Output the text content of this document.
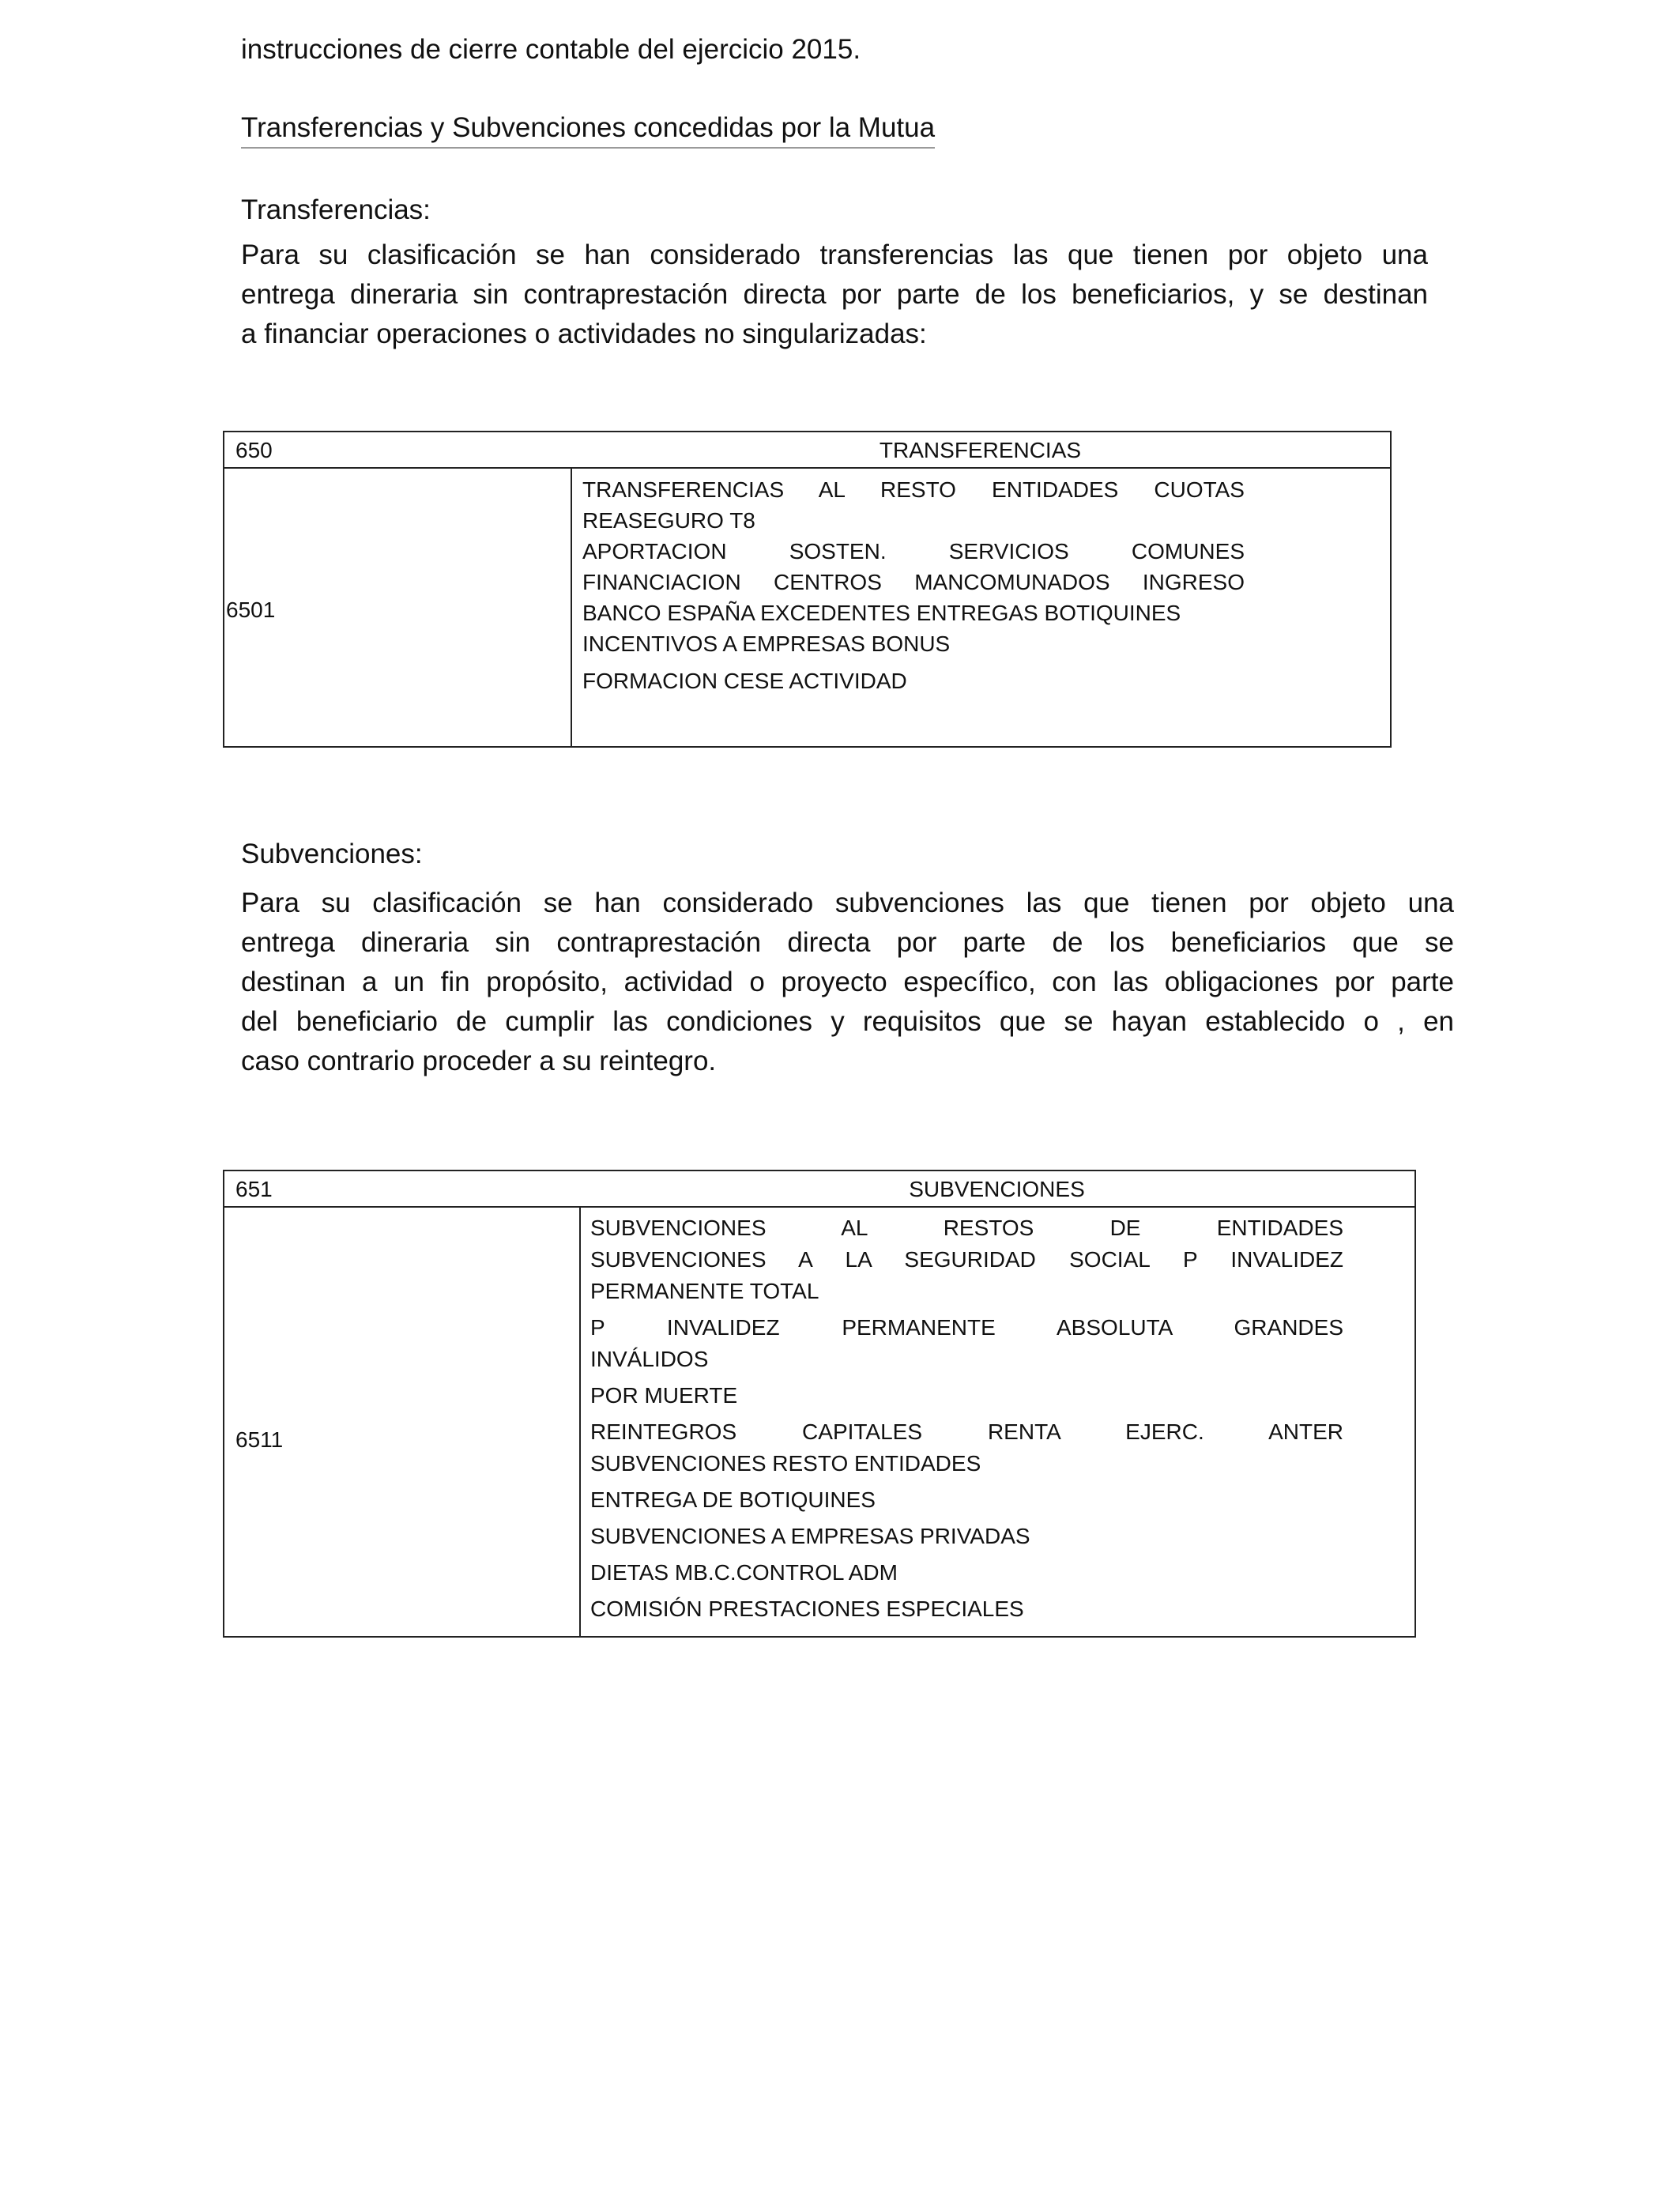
instrucciones de cierre contable del ejercicio 2015.

Transferencias y Subvenciones concedidas por la Mutua

Transferencias:

Para su clasificación se han considerado transferencias las que tienen por objeto una
entrega dineraria sin contraprestación directa por parte de los beneficiarios, y se destinan
a financiar operaciones o actividades no singularizadas:
650	TRANSFERENCIAS
6501
TRANSFERENCIAS AL RESTO ENTIDADES CUOTAS
REASEGURO T8
APORTACION SOSTEN. SERVICIOS COMUNES
FINANCIACION CENTROS MANCOMUNADOS INGRESO
BANCO ESPAÑA EXCEDENTES ENTREGAS BOTIQUINES
INCENTIVOS A EMPRESAS BONUS
FORMACION CESE ACTIVIDAD

Subvenciones:

Para su clasificación se han considerado subvenciones las que tienen por objeto una
entrega dineraria sin contraprestación directa por parte de los beneficiarios que se
destinan a un fin propósito, actividad o proyecto específico, con las obligaciones por parte
del beneficiario de cumplir las condiciones y requisitos que se hayan establecido o , en
caso contrario proceder a su reintegro.
651	SUBVENCIONES
6511
SUBVENCIONES AL RESTOS DE ENTIDADES
SUBVENCIONES A LA SEGURIDAD SOCIAL P INVALIDEZ
PERMANENTE TOTAL
P INVALIDEZ PERMANENTE ABSOLUTA GRANDES
INVÁLIDOS
POR MUERTE
REINTEGROS CAPITALES RENTA EJERC. ANTER
SUBVENCIONES RESTO ENTIDADES
ENTREGA DE BOTIQUINES
SUBVENCIONES A EMPRESAS PRIVADAS
DIETAS MB.C.CONTROL ADM
COMISIÓN PRESTACIONES ESPECIALES
